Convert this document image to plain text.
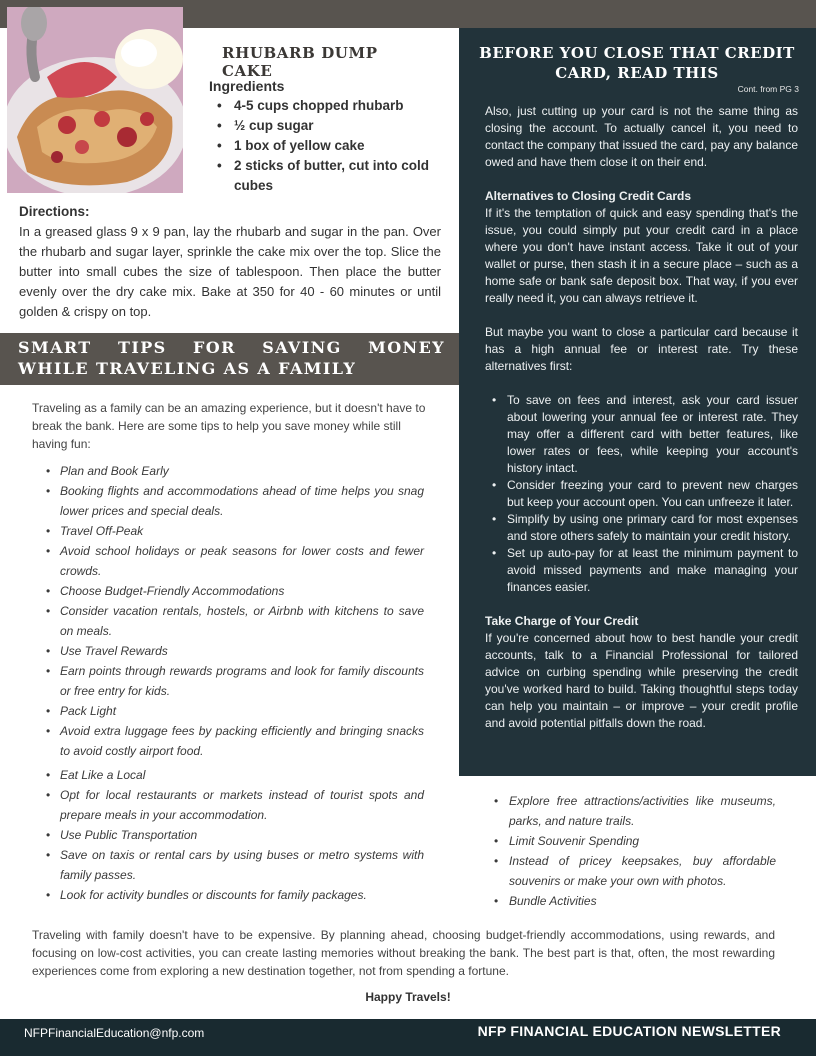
RHUBARB DUMP CAKE
Ingredients
• 4-5 cups chopped rhubarb
• ½ cup sugar
• 1 box of yellow cake
• 2 sticks of butter, cut into cold cubes
Directions:

In a greased glass 9 x 9 pan, lay the rhubarb and sugar in the pan. Over the rhubarb and sugar layer, sprinkle the cake mix over the top. Slice the butter into small cubes the size of tablespoon. Then place the butter evenly over the dry cake mix. Bake at 350 for 40 - 60 minutes or until golden & crispy on top.

SMART TIPS FOR SAVING MONEY WHILE TRAVELING AS A FAMILY

Traveling as a family can be an amazing experience, but it doesn't have to break the bank. Here are some tips to help you save money while still having fun:

• Plan and Book Early
• Booking flights and accommodations ahead of time helps you snag lower prices and special deals.
• Travel Off-Peak
• Avoid school holidays or peak seasons for lower costs and fewer crowds.
• Choose Budget-Friendly Accommodations
• Consider vacation rentals, hostels, or Airbnb with kitchens to save on meals.
• Use Travel Rewards
• Earn points through rewards programs and look for family discounts or free entry for kids.
• Pack Light
• Avoid extra luggage fees by packing efficiently and bringing snacks to avoid costly airport food.
• Eat Like a Local
• Opt for local restaurants or markets instead of tourist spots and prepare meals in your accommodation.
• Use Public Transportation
• Save on taxis or rental cars by using buses or metro systems with family passes.
• Look for activity bundles or discounts for family packages.
BEFORE YOU CLOSE THAT CREDIT CARD, READ THIS
Cont. from PG 3

Also, just cutting up your card is not the same thing as closing the account. To actually cancel it, you need to contact the company that issued the card, pay any balance owed and have them close it on their end.

Alternatives to Closing Credit Cards

If it's the temptation of quick and easy spending that's the issue, you could simply put your credit card in a place where you don't have instant access. Take it out of your wallet or purse, then stash it in a secure place – such as a home safe or bank safe deposit box. That way, if you ever really need it, you can always retrieve it.

But maybe you want to close a particular card because it has a high annual fee or interest rate. Try these alternatives first:

• To save on fees and interest, ask your card issuer about lowering your annual fee or interest rate. They may offer a different card with better features, like lower rates or fees, while keeping your account's history intact.
• Consider freezing your card to prevent new charges but keep your account open. You can unfreeze it later.
• Simplify by using one primary card for most expenses and store others safely to maintain your credit history.
• Set up auto-pay for at least the minimum payment to avoid missed payments and make managing your finances easier.

Take Charge of Your Credit

If you're concerned about how to best handle your credit accounts, talk to a Financial Professional for tailored advice on curbing spending while preserving the credit you've worked hard to build. Taking thoughtful steps today can help you maintain – or improve – your credit profile and avoid potential pitfalls down the road.

• Explore free attractions/activities like museums, parks, and nature trails.
• Limit Souvenir Spending
• Instead of pricey keepsakes, buy affordable souvenirs or make your own with photos.
• Bundle Activities

Traveling with family doesn't have to be expensive. By planning ahead, choosing budget-friendly accommodations, using rewards, and focusing on low-cost activities, you can create lasting memories without breaking the bank. The best part is that, often, the most rewarding experiences come from exploring a new destination together, not from spending a fortune.

Happy Travels!
NFPFinancialEducation@nfp.com	NFP FINANCIAL EDUCATION NEWSLETTER
